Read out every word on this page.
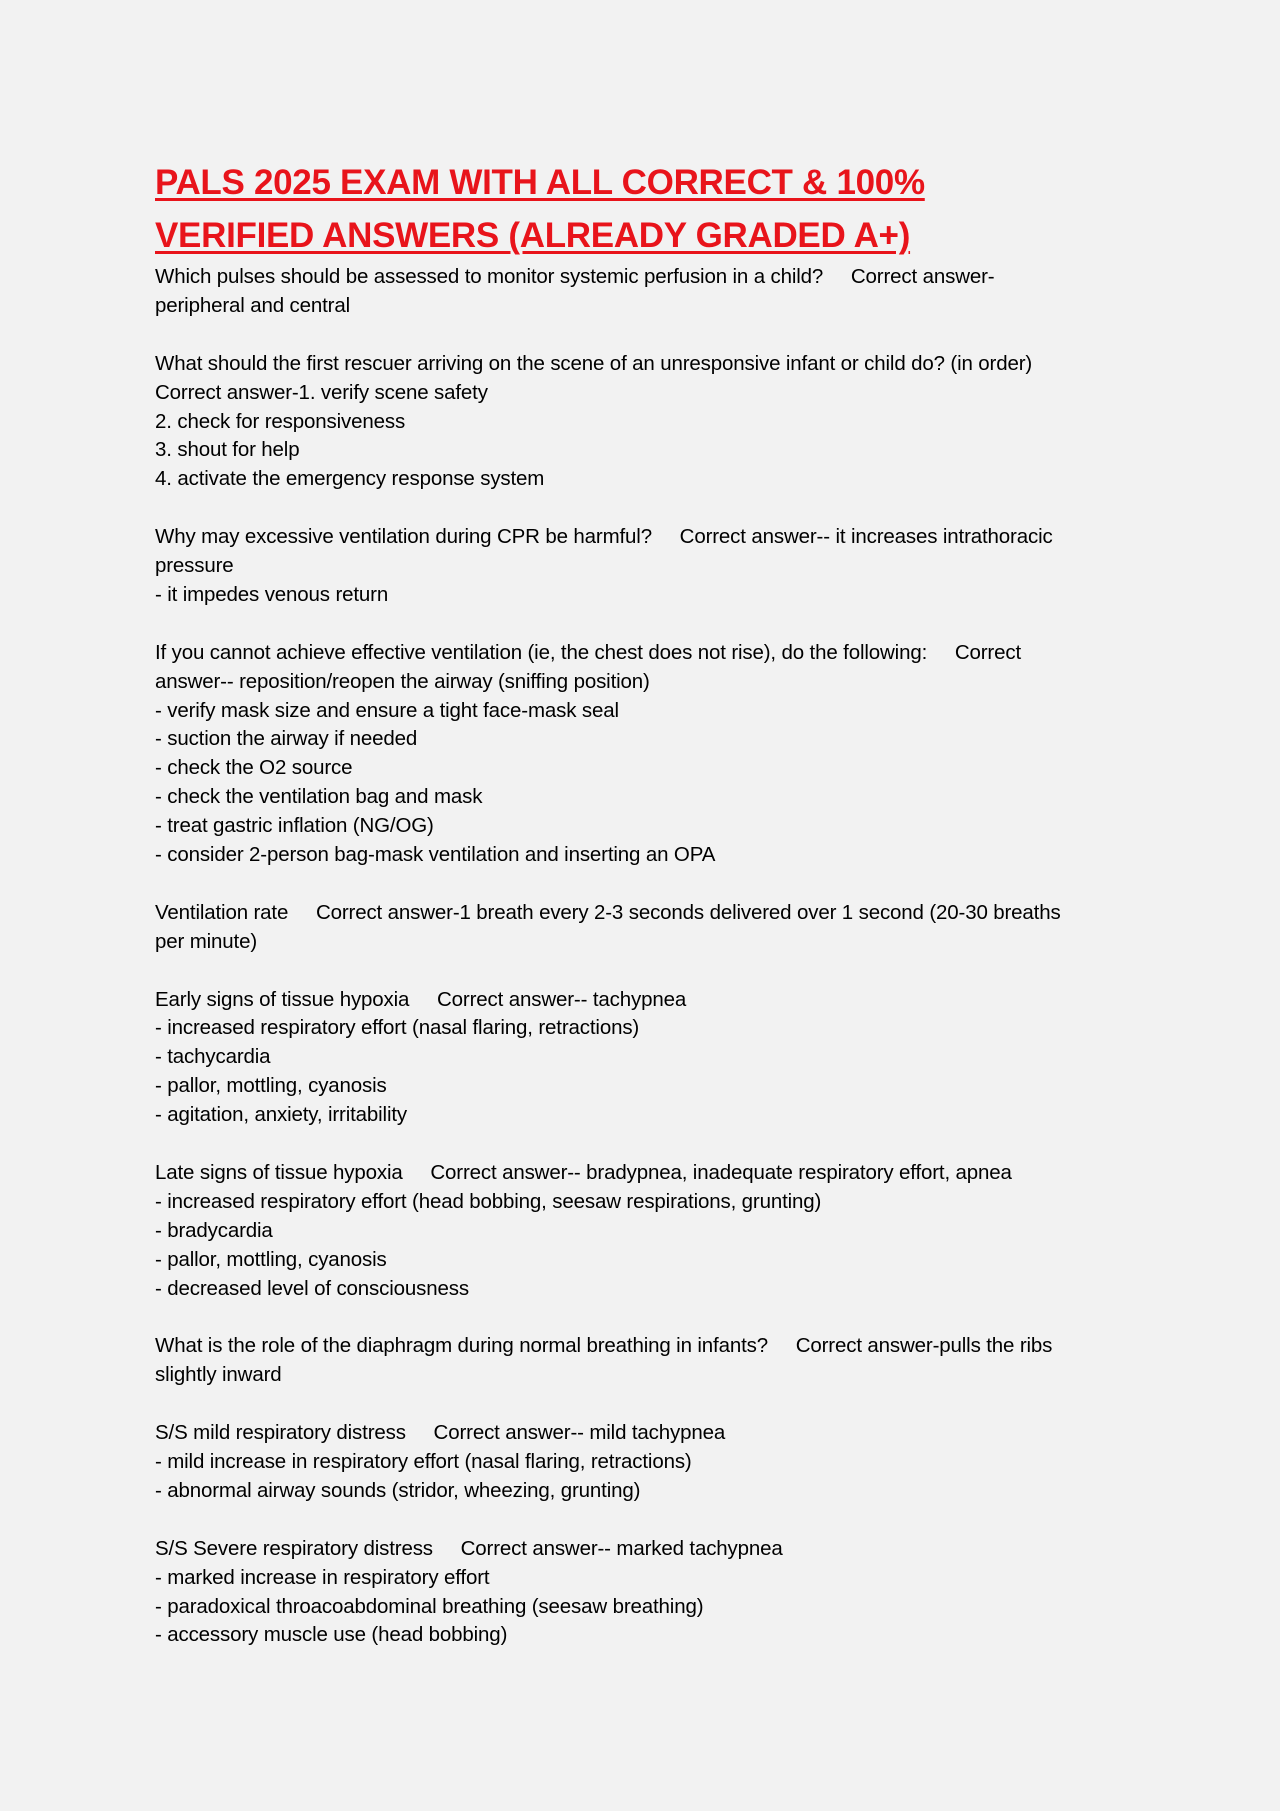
PALS 2025 EXAM WITH ALL CORRECT & 100%
VERIFIED ANSWERS (ALREADY GRADED A+)
Which pulses should be assessed to monitor systemic perfusion in a child?     Correct answer-
peripheral and central
What should the first rescuer arriving on the scene of an unresponsive infant or child do? (in order)
Correct answer-1. verify scene safety
2. check for responsiveness
3. shout for help
4. activate the emergency response system
Why may excessive ventilation during CPR be harmful?     Correct answer-- it increases intrathoracic
pressure
- it impedes venous return
If you cannot achieve effective ventilation (ie, the chest does not rise), do the following:     Correct
answer-- reposition/reopen the airway (sniffing position)
- verify mask size and ensure a tight face-mask seal
- suction the airway if needed
- check the O2 source
- check the ventilation bag and mask
- treat gastric inflation (NG/OG)
- consider 2-person bag-mask ventilation and inserting an OPA
Ventilation rate     Correct answer-1 breath every 2-3 seconds delivered over 1 second (20-30 breaths
per minute)
Early signs of tissue hypoxia     Correct answer-- tachypnea
- increased respiratory effort (nasal flaring, retractions)
- tachycardia
- pallor, mottling, cyanosis
- agitation, anxiety, irritability
Late signs of tissue hypoxia     Correct answer-- bradypnea, inadequate respiratory effort, apnea
- increased respiratory effort (head bobbing, seesaw respirations, grunting)
- bradycardia
- pallor, mottling, cyanosis
- decreased level of consciousness
What is the role of the diaphragm during normal breathing in infants?     Correct answer-pulls the ribs
slightly inward
S/S mild respiratory distress     Correct answer-- mild tachypnea
- mild increase in respiratory effort (nasal flaring, retractions)
- abnormal airway sounds (stridor, wheezing, grunting)
S/S Severe respiratory distress     Correct answer-- marked tachypnea
- marked increase in respiratory effort
- paradoxical throacoabdominal breathing (seesaw breathing)
- accessory muscle use (head bobbing)
